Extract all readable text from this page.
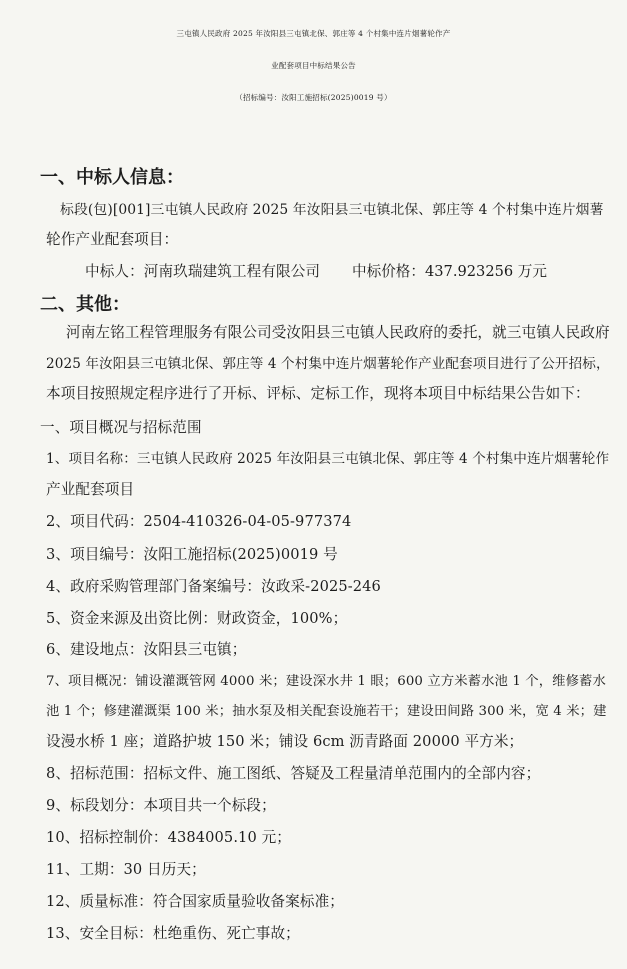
三屯镇人民政府 2025 年汝阳县三屯镇北保、郭庄等 4 个村集中连片烟薯轮作产
业配套项目中标结果公告
（招标编号：汝阳工施招标(2025)0019 号）
一、中标人信息：
标段(包)[001]三屯镇人民政府 2025 年汝阳县三屯镇北保、郭庄等 4 个村集中连片烟薯
轮作产业配套项目：
中标人：河南玖瑞建筑工程有限公司 中标价格：437.923256 万元
二、其他：
河南左铭工程管理服务有限公司受汝阳县三屯镇人民政府的委托，就三屯镇人民政府
2025 年汝阳县三屯镇北保、郭庄等 4 个村集中连片烟薯轮作产业配套项目进行了公开招标，
本项目按照规定程序进行了开标、评标、定标工作，现将本项目中标结果公告如下：
一、项目概况与招标范围
1、项目名称：三屯镇人民政府 2025 年汝阳县三屯镇北保、郭庄等 4 个村集中连片烟薯轮作
产业配套项目
2、项目代码：2504-410326-04-05-977374
3、项目编号：汝阳工施招标(2025)0019 号
4、政府采购管理部门备案编号：汝政采-2025-246
5、资金来源及出资比例：财政资金，100%；
6、建设地点：汝阳县三屯镇；
7、项目概况：铺设灌溉管网 4000 米；建设深水井 1 眼；600 立方米蓄水池 1 个，维修蓄水
池 1 个；修建灌溉渠 100 米；抽水泵及相关配套设施若干；建设田间路 300 米，宽 4 米；建
设漫水桥 1 座；道路护坡 150 米；铺设 6cm 沥青路面 20000 平方米；
8、招标范围：招标文件、施工图纸、答疑及工程量清单范围内的全部内容；
9、标段划分：本项目共一个标段；
10、招标控制价：4384005.10 元；
11、工期：30 日历天；
12、质量标准：符合国家质量验收备案标准；
13、安全目标：杜绝重伤、死亡事故；
